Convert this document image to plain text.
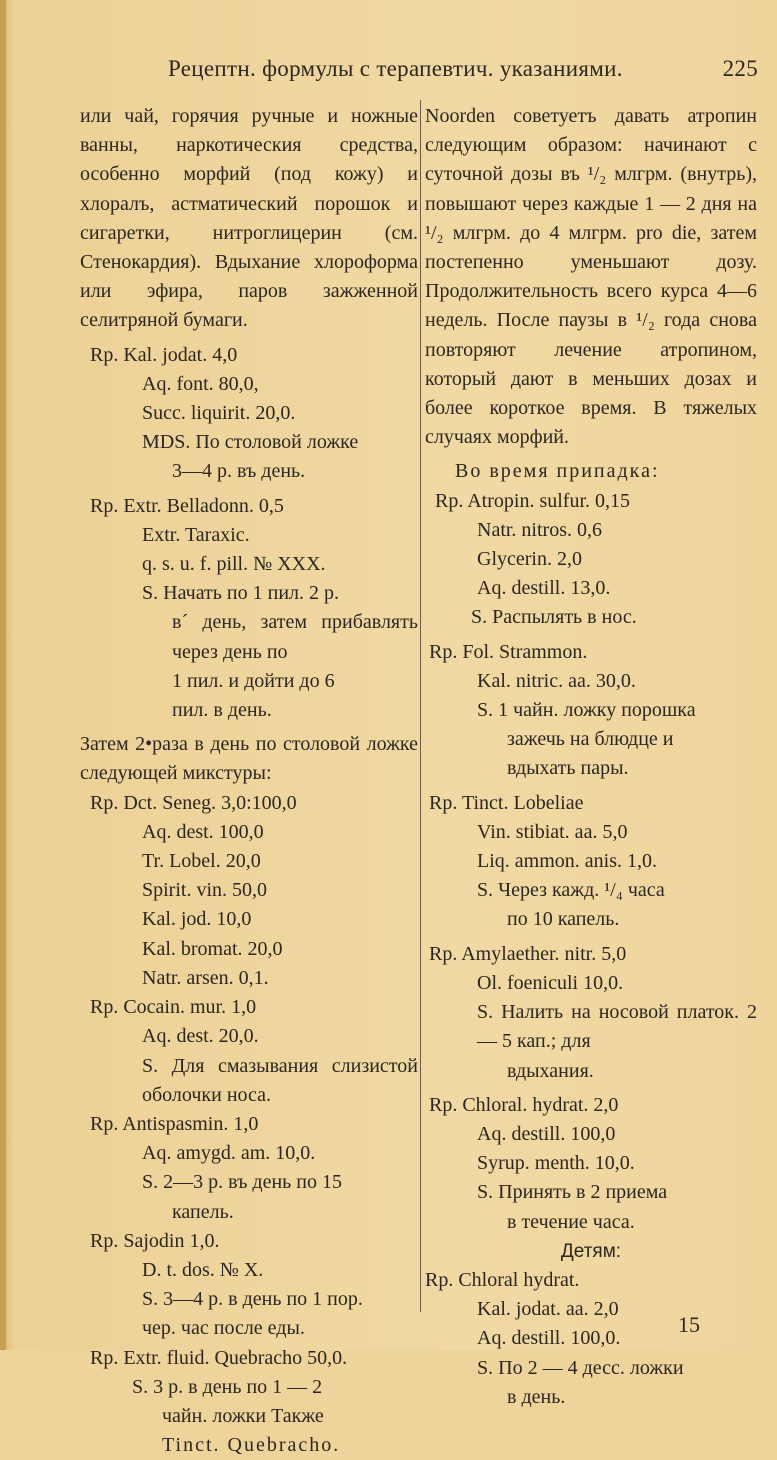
Рецептн. формулы с терапевтич. указаниями.	225

или чай, горячия ручные и ножные ванны, наркотическия средства, особенно морфий (под кожу) и хлоралъ, астматический порошок и сигаретки, нитроглицерин (см. Стенокардия). Вдыхание хлороформа или эфира, паров зажженной селитряной бумаги.

Rp. Kal. jodat. 4,0
Aq. font. 80,0,
Succ. liquirit. 20,0.
MDS. По столовой ложке
3—4 р. въ день.
Rp. Extr. Belladonn. 0,5
Extr. Taraxic.
q. s. u. f. pill. № XXX.
S. Начать по 1 пил. 2 р.
в´ день, затем прибавлять через день по
1 пил. и дойти до 6
пил. в день.

Затем 2•раза в день по столовой ложке следующей микстуры:

Rp. Dct. Seneg. 3,0:100,0
Aq. dest. 100,0
Tr. Lobel. 20,0
Spirit. vin. 50,0
Kal. jod. 10,0
Kal. bromat. 20,0
Natr. arsen. 0,1.
Rp. Cocain. mur. 1,0
Aq. dest. 20,0.
S. Для смазывания слизистой оболочки носа.
Rp. Antispasmin. 1,0
Aq. amygd. am. 10,0.
S. 2—3 р. въ день по 15
капель.
Rp. Sajodin 1,0.
D. t. dos. № X.
S. 3—4 р. в день по 1 пор.
чер. час после еды.
Rp. Extr. fluid. Quebracho 50,0.
S. 3 р. в день по 1 — 2
чайн. ложки Также
Tinct. Quebracho.

Noorden советуетъ давать атропин следующим образом: начинают с суточной дозы въ ¹/₂ млгрм. (внутрь), повышают через каждые 1 — 2 дня на ¹/₂ млгрм. до 4 млгрм. pro die, затем постепенно уменьшают дозу. Продолжительность всего курса 4—6 недель. После паузы в ¹/₂ года снова повторяют лечение атропином, который дают в меньших дозах и более короткое время. В тяжелых случаях морфий.

Во время припадка:

Rp. Atropin. sulfur. 0,15
Natr. nitros. 0,6
Glycerin. 2,0
Aq. destill. 13,0.
S. Распылять в нос.
Rp. Fol. Strammon.
Kal. nitric. aa. 30,0.
S. 1 чайн. ложку порошка
зажечь на блюдце и
вдыхать пары.
Rp. Tinct. Lobeliae
Vin. stibiat. aa. 5,0
Liq. ammon. anis. 1,0.
S. Через кажд. ¹/₄ часа
по 10 капель.
Rp. Amylaether. nitr. 5,0
Ol. foeniculi 10,0.
S. Налить на носовой платок. 2 — 5 кап.; для
вдыхания.
Rp. Chloral. hydrat. 2,0
Aq. destill. 100,0
Syrup. menth. 10,0.
S. Принять в 2 приема
в течение часа.

Детям:

Rp. Chloral hydrat.
Kal. jodat. aa. 2,0
Aq. destill. 100,0.
S. По 2 — 4 десс. ложки
в день.
15
